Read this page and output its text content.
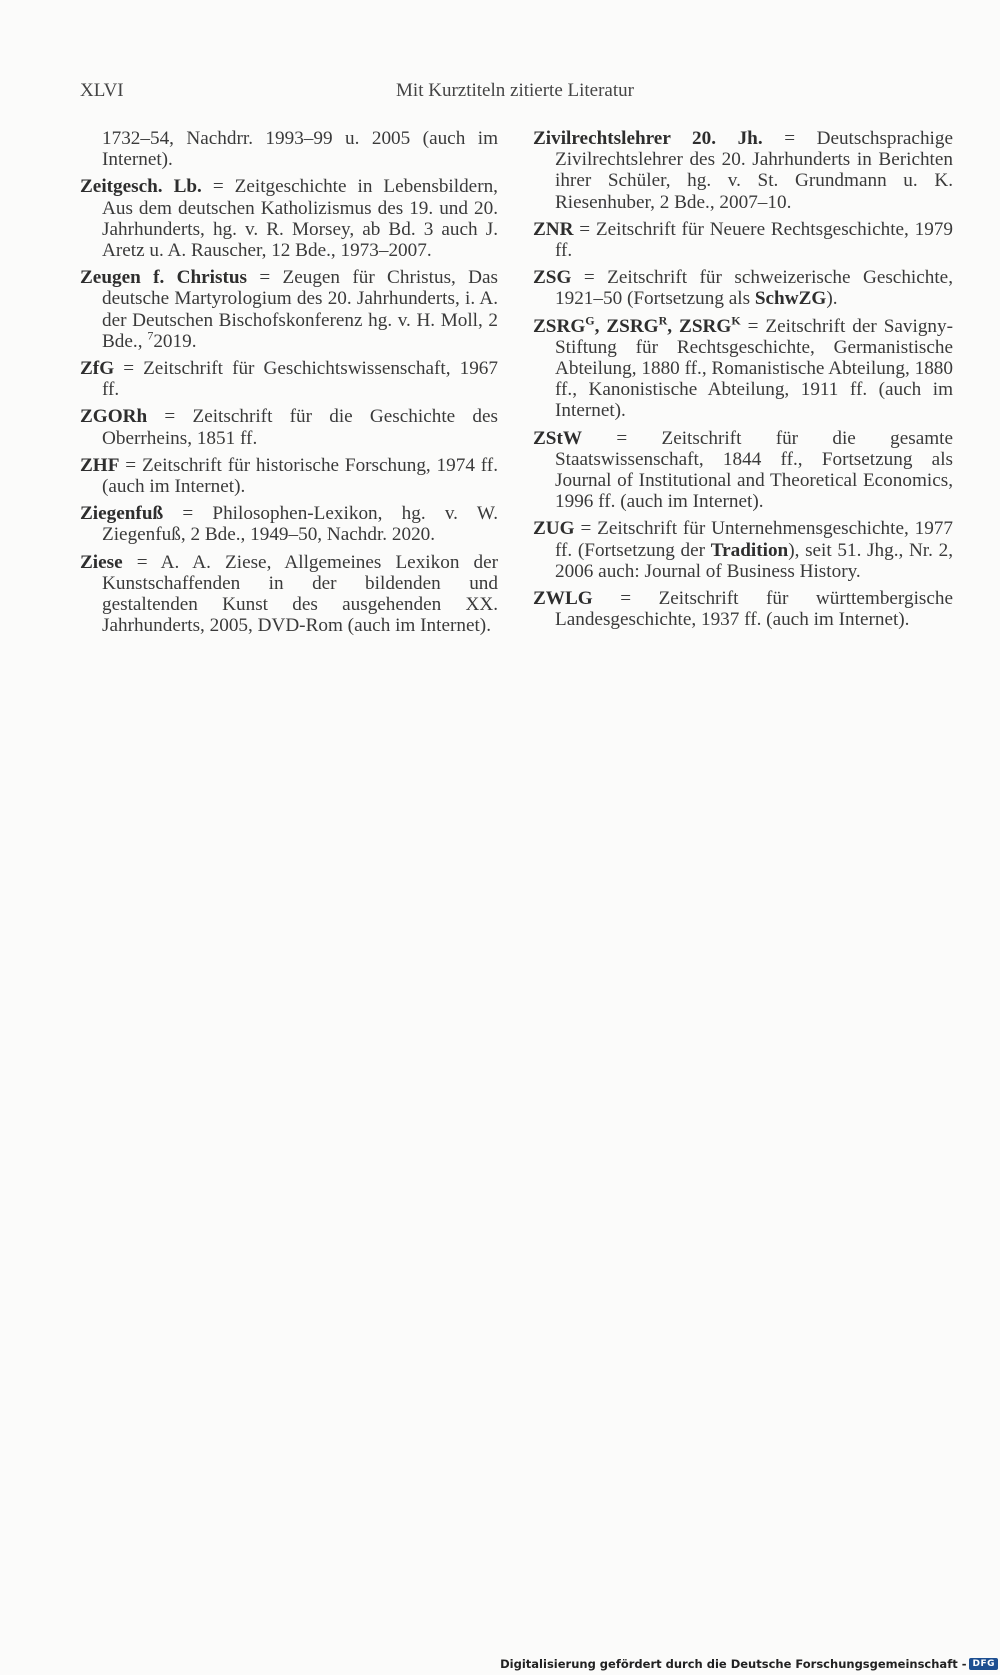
XLVI	Mit Kurztiteln zitierte Literatur

1732–54, Nachdrr. 1993–99 u. 2005 (auch im Internet).

Zeitgesch. Lb. = Zeitgeschichte in Lebensbildern, Aus dem deutschen Katholizismus des 19. und 20. Jahrhunderts, hg. v. R. Morsey, ab Bd. 3 auch J. Aretz u. A. Rauscher, 12 Bde., 1973–2007.

Zeugen f. Christus = Zeugen für Christus, Das deutsche Martyrologium des 20. Jahrhunderts, i. A. der Deutschen Bischofskonferenz hg. v. H. Moll, 2 Bde., $^7$2019.

ZfG = Zeitschrift für Geschichtswissenschaft, 1967 ff.

ZGORh = Zeitschrift für die Geschichte des Oberrheins, 1851 ff.

ZHF = Zeitschrift für historische Forschung, 1974 ff. (auch im Internet).

Ziegenfuß = Philosophen-Lexikon, hg. v. W. Ziegenfuß, 2 Bde., 1949–50, Nachdr. 2020.

Ziese = A. A. Ziese, Allgemeines Lexikon der Kunstschaffenden in der bildenden und gestaltenden Kunst des ausgehenden XX. Jahrhunderts, 2005, DVD-Rom (auch im Internet).

Zivilrechtslehrer 20. Jh. = Deutschsprachige Zivilrechtslehrer des 20. Jahrhunderts in Berichten ihrer Schüler, hg. v. St. Grundmann u. K. Riesenhuber, 2 Bde., 2007–10.

ZNR = Zeitschrift für Neuere Rechtsgeschichte, 1979 ff.

ZSG = Zeitschrift für schweizerische Geschichte, 1921–50 (Fortsetzung als SchwZG).

$ZSRG^G$, $ZSRG^R$, $ZSRG^K$ = Zeitschrift der Savigny-Stiftung für Rechtsgeschichte, Germanistische Abteilung, 1880 ff., Romanistische Abteilung, 1880 ff., Kanonistische Abteilung, 1911 ff. (auch im Internet).

ZStW = Zeitschrift für die gesamte Staatswissenschaft, 1844 ff., Fortsetzung als Journal of Institutional and Theoretical Economics, 1996 ff. (auch im Internet).

ZUG = Zeitschrift für Unternehmensgeschichte, 1977 ff. (Fortsetzung der Tradition), seit 51. Jhg., Nr. 2, 2006 auch: Journal of Business History.

ZWLG = Zeitschrift für württembergische Landesgeschichte, 1937 ff. (auch im Internet).

Digitalisierung gefördert durch die Deutsche Forschungsgemeinschaft - DFG
